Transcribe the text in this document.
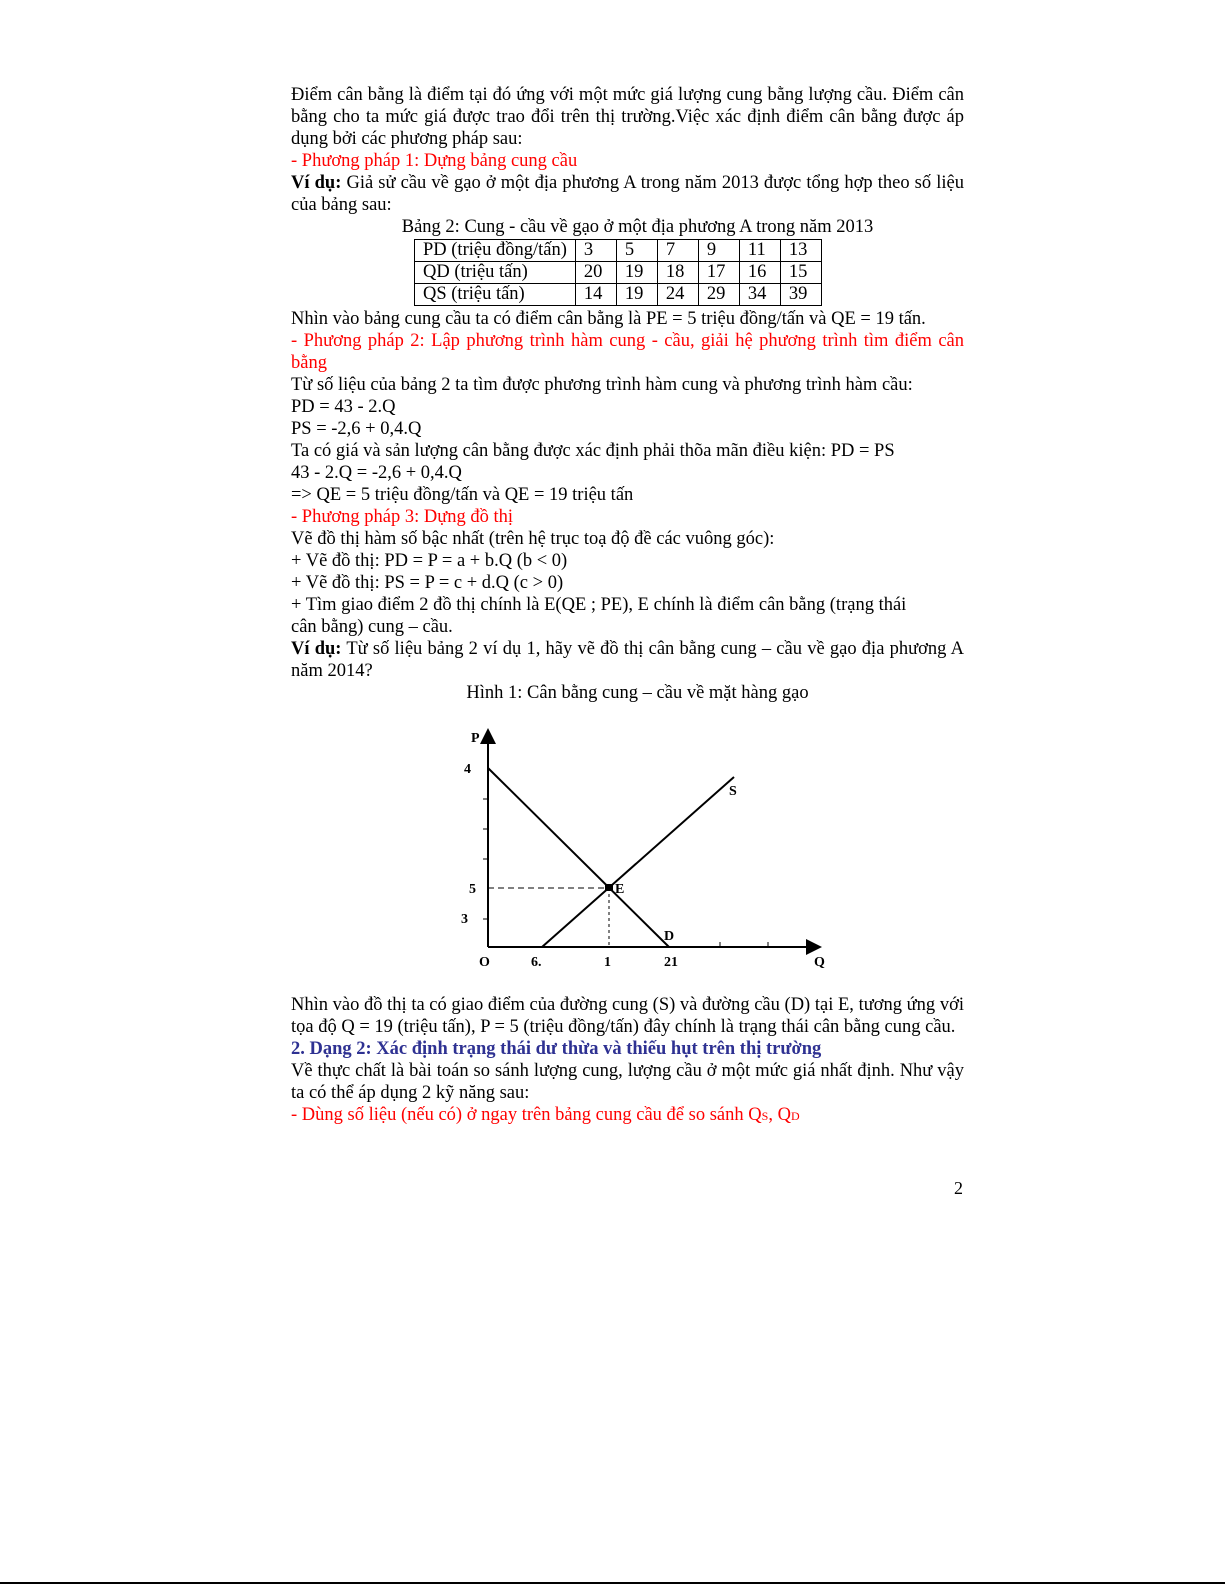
Điểm cân bằng là điểm tại đó ứng với một mức giá lượng cung bằng lượng cầu. Điểm cân bằng cho ta mức giá được trao đổi trên thị trường.Việc xác định điểm cân bằng được áp dụng bởi các phương pháp sau:

- Phương pháp 1: Dựng bảng cung cầu

Ví dụ: Giả sử cầu về gạo ở một địa phương A trong năm 2013 được tổng hợp theo số liệu của bảng sau:

Bảng 2: Cung - cầu về gạo ở một địa phương A trong năm 2013

PD (triệu đồng/tấn)	3	5	7	9	11	13
QD (triệu tấn)	20	19	18	17	16	15
QS (triệu tấn)	14	19	24	29	34	39

Nhìn vào bảng cung cầu ta có điểm cân bằng là PE = 5 triệu đồng/tấn và QE = 19 tấn.

- Phương pháp 2: Lập phương trình hàm cung - cầu, giải hệ phương trình tìm điểm cân bằng

Từ số liệu của bảng 2 ta tìm được phương trình hàm cung và phương trình hàm cầu:

PD = 43 - 2.Q

PS = -2,6 + 0,4.Q

Ta có giá và sản lượng cân bằng được xác định phải thõa mãn điều kiện: PD = PS

43 - 2.Q = -2,6 + 0,4.Q

=> QE = 5 triệu đồng/tấn và QE = 19 triệu tấn

- Phương pháp 3: Dựng đồ thị

Vẽ đồ thị hàm số bậc nhất (trên hệ trục toạ độ đề các vuông góc):

+ Vẽ đồ thị: PD = P = a + b.Q (b < 0)

+ Vẽ đồ thị: PS = P = c + d.Q (c > 0)

+ Tìm giao điểm 2 đồ thị chính là E(QE ; PE), E chính là điểm cân bằng (trạng thái cân bằng) cung – cầu.

Ví dụ: Từ số liệu bảng 2 ví dụ 1, hãy vẽ đồ thị cân bằng cung – cầu về gạo địa phương A năm 2014?

Hình 1: Cân bằng cung – cầu về mặt hàng gạo

P
Q
4
5
3
O	6.	1	21
S
D
E

Nhìn vào đồ thị ta có giao điểm của đường cung (S) và đường cầu (D) tại E, tương ứng với tọa độ Q = 19 (triệu tấn), P = 5 (triệu đồng/tấn) đây chính là trạng thái cân bằng cung cầu.

2. Dạng 2: Xác định trạng thái dư thừa và thiếu hụt trên thị trường

Về thực chất là bài toán so sánh lượng cung, lượng cầu ở một mức giá nhất định. Như vậy ta có thể áp dụng 2 kỹ năng sau:

- Dùng số liệu (nếu có) ở ngay trên bảng cung cầu để so sánh QS, QD

2
